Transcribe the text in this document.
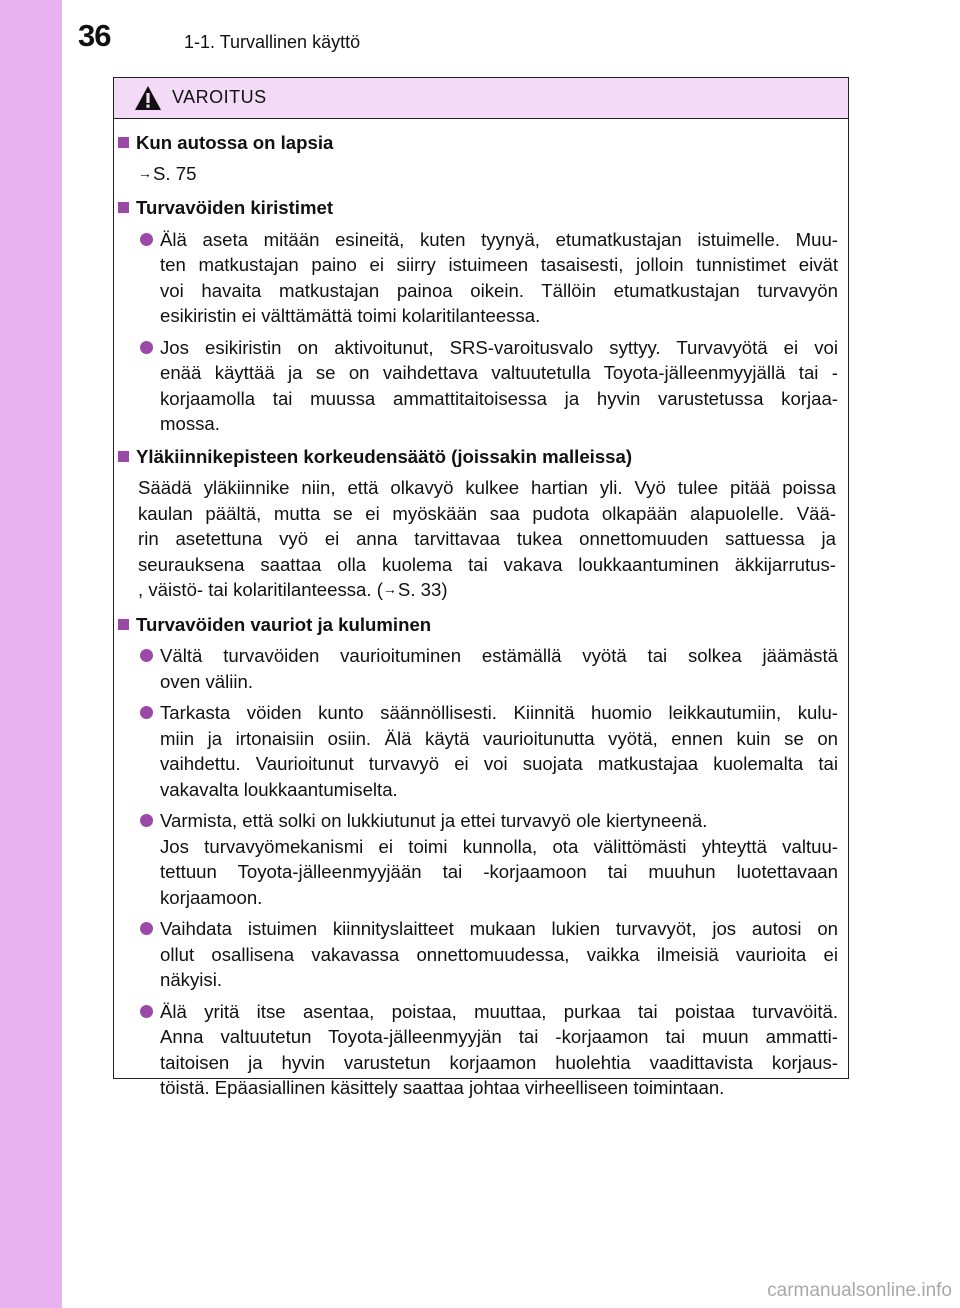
36	1-1. Turvallinen käyttö
VAROITUS
Kun autossa on lapsia
→S. 75
Turvavöiden kiristimet
Älä aseta mitään esineitä, kuten tyynyä, etumatkustajan istuimelle. Muu-
ten matkustajan paino ei siirry istuimeen tasaisesti, jolloin tunnistimet eivät
voi havaita matkustajan painoa oikein. Tällöin etumatkustajan turvavyön
esikiristin ei välttämättä toimi kolaritilanteessa.
Jos esikiristin on aktivoitunut, SRS-varoitusvalo syttyy. Turvavyötä ei voi
enää käyttää ja se on vaihdettava valtuutetulla Toyota-jälleenmyyjällä tai -
korjaamolla tai muussa ammattitaitoisessa ja hyvin varustetussa korjaa-
mossa.
Yläkiinnikepisteen korkeudensäätö (joissakin malleissa)
Säädä yläkiinnike niin, että olkavyö kulkee hartian yli. Vyö tulee pitää poissa
kaulan päältä, mutta se ei myöskään saa pudota olkapään alapuolelle. Vää-
rin asetettuna vyö ei anna tarvittavaa tukea onnettomuuden sattuessa ja
seurauksena saattaa olla kuolema tai vakava loukkaantuminen äkkijarrutus-
, väistö- tai kolaritilanteessa. (→S. 33)
Turvavöiden vauriot ja kuluminen
Vältä turvavöiden vaurioituminen estämällä vyötä tai solkea jäämästä
oven väliin.
Tarkasta vöiden kunto säännöllisesti. Kiinnitä huomio leikkautumiin, kulu-
miin ja irtonaisiin osiin. Älä käytä vaurioitunutta vyötä, ennen kuin se on
vaihdettu. Vaurioitunut turvavyö ei voi suojata matkustajaa kuolemalta tai
vakavalta loukkaantumiselta.
Varmista, että solki on lukkiutunut ja ettei turvavyö ole kiertyneenä.
Jos turvavyömekanismi ei toimi kunnolla, ota välittömästi yhteyttä valtuu-
tettuun Toyota-jälleenmyyjään tai -korjaamoon tai muuhun luotettavaan
korjaamoon.
Vaihdata istuimen kiinnityslaitteet mukaan lukien turvavyöt, jos autosi on
ollut osallisena vakavassa onnettomuudessa, vaikka ilmeisiä vaurioita ei
näkyisi.
Älä yritä itse asentaa, poistaa, muuttaa, purkaa tai poistaa turvavöitä.
Anna valtuutetun Toyota-jälleenmyyjän tai -korjaamon tai muun ammatti-
taitoisen ja hyvin varustetun korjaamon huolehtia vaadittavista korjaus-
töistä. Epäasiallinen käsittely saattaa johtaa virheelliseen toimintaan.
carmanualsonline.info
